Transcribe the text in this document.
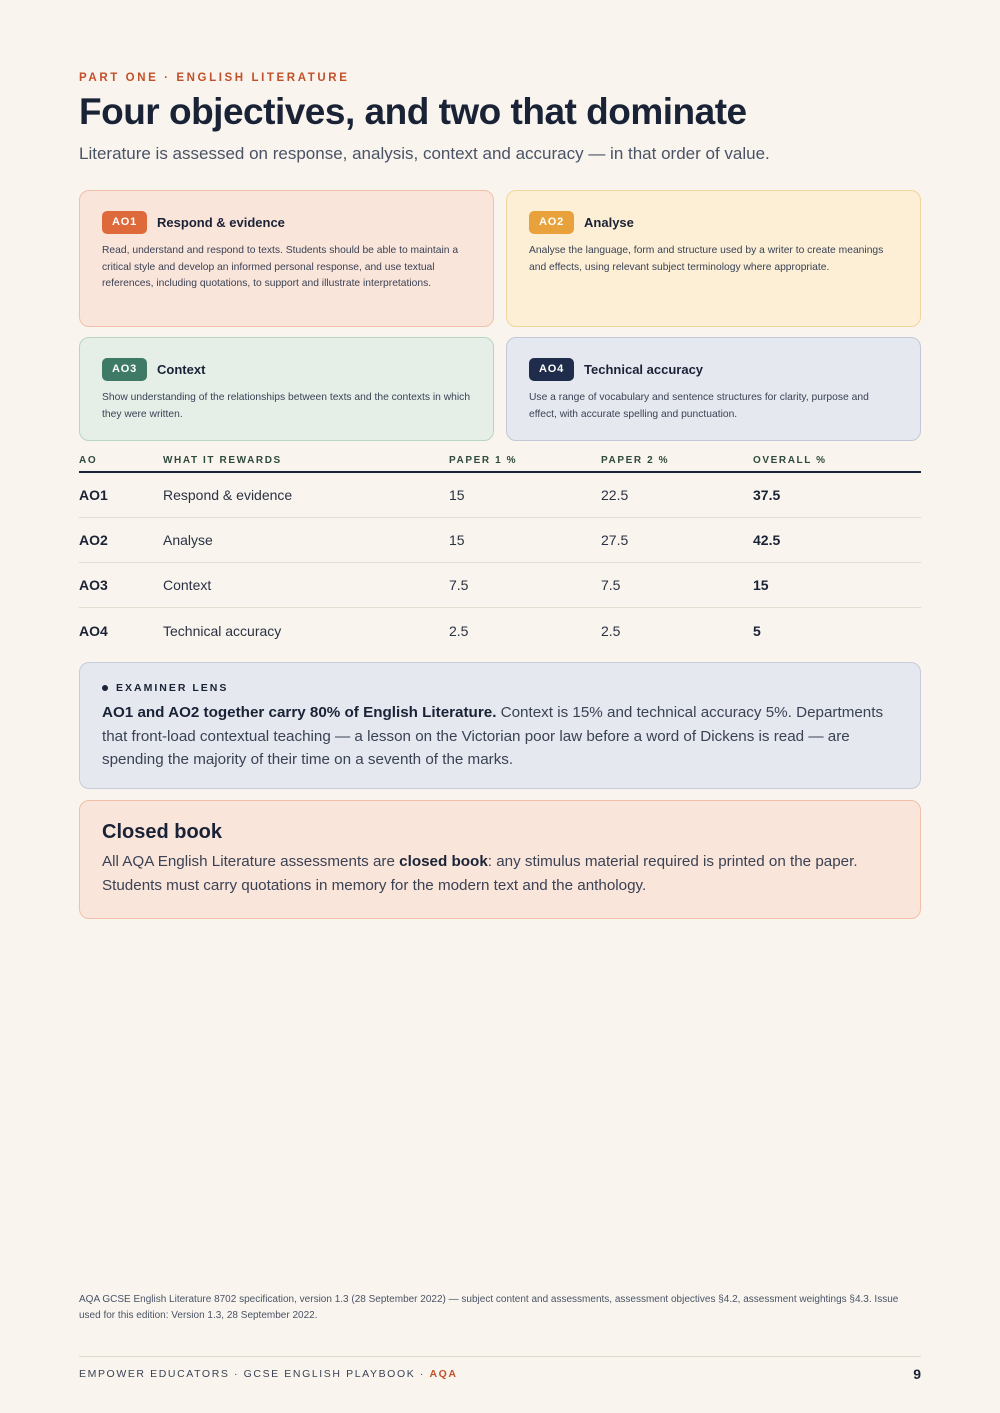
PART ONE · ENGLISH LITERATURE
Four objectives, and two that dominate

Literature is assessed on response, analysis, context and accuracy — in that order of value.

AO1	Respond & evidence

Read, understand and respond to texts. Students should be able to maintain a critical style and develop an informed personal response, and use textual references, including quotations, to support and illustrate interpretations.

AO2	Analyse

Analyse the language, form and structure used by a writer to create meanings and effects, using relevant subject terminology where appropriate.

AO3	Context

Show understanding of the relationships between texts and the contexts in which they were written.

AO4	Technical accuracy

Use a range of vocabulary and sentence structures for clarity, purpose and effect, with accurate spelling and punctuation.

AO	WHAT IT REWARDS	PAPER 1 %	PAPER 2 %	OVERALL %
AO1	Respond & evidence	15	22.5	37.5
AO2	Analyse	15	27.5	42.5
AO3	Context	7.5	7.5	15
AO4	Technical accuracy	2.5	2.5	5
EXAMINER LENS

AO1 and AO2 together carry 80% of English Literature. Context is 15% and technical accuracy 5%. Departments that front-load contextual teaching — a lesson on the Victorian poor law before a word of Dickens is read — are spending the majority of their time on a seventh of the marks.

Closed book

All AQA English Literature assessments are closed book: any stimulus material required is printed on the paper. Students must carry quotations in memory for the modern text and the anthology.

AQA GCSE English Literature 8702 specification, version 1.3 (28 September 2022) — subject content and assessments, assessment objectives §4.2, assessment weightings §4.3. Issue used for this edition: Version 1.3, 28 September 2022.

EMPOWER EDUCATORS · GCSE ENGLISH PLAYBOOK · AQA	9
